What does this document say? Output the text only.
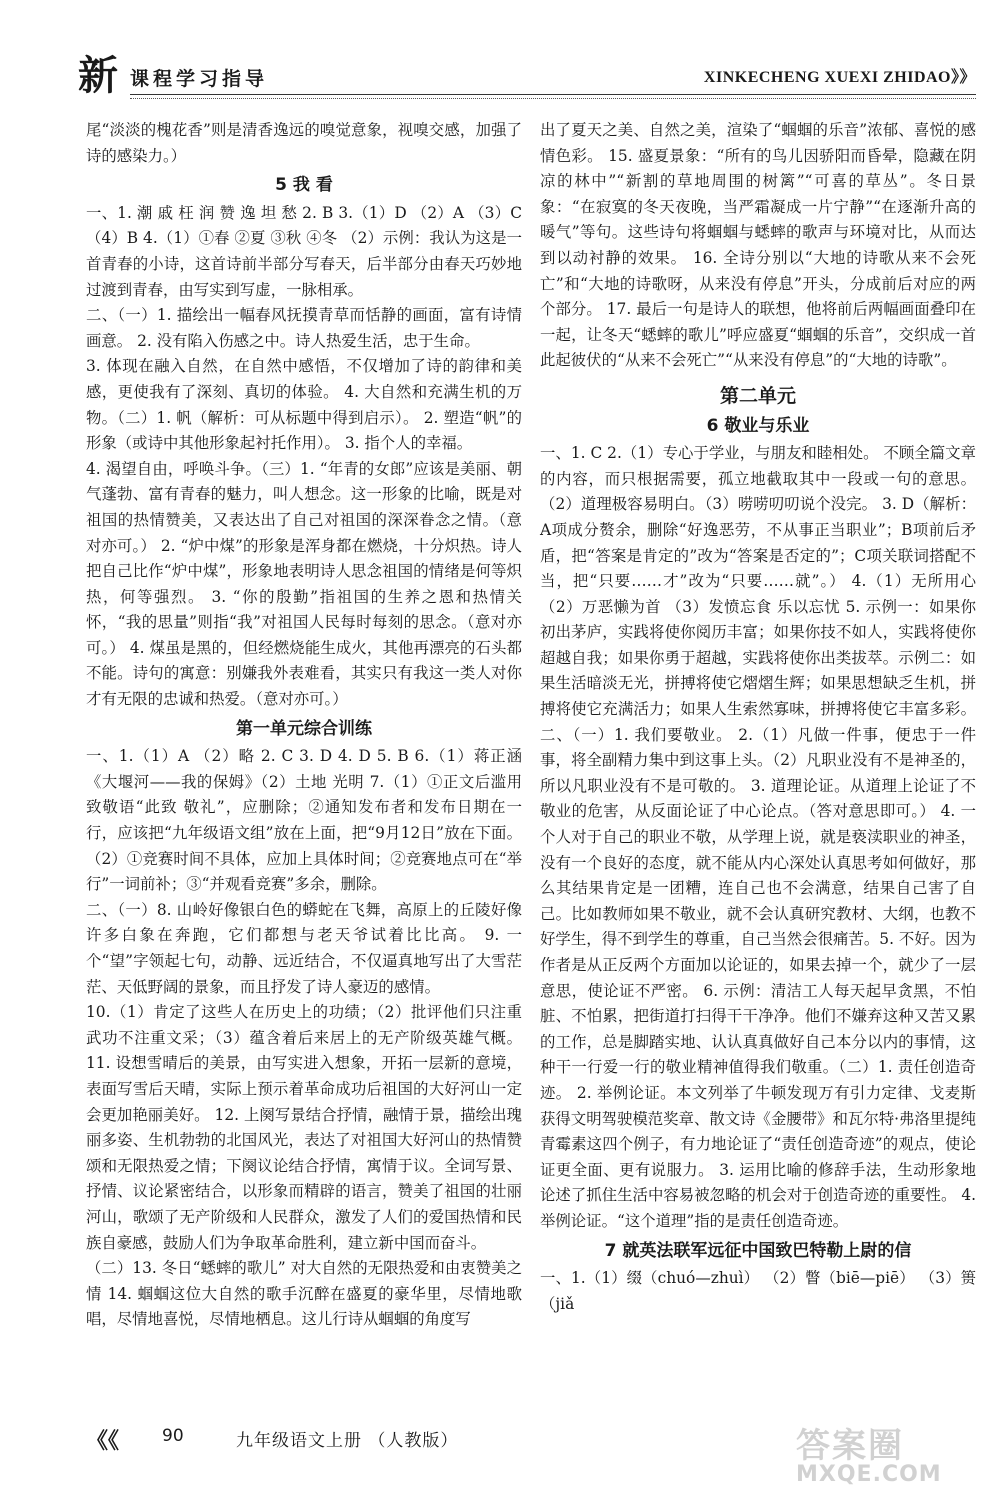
新 课程学习指导	XINKECHENG XUEXI ZHIDAO》》

尾“淡淡的槐花香”则是清香逸远的嗅觉意象，视嗅交感，加强了诗的感染力。）

5 我 看

一、1. 潮 戚 枉 润 赞 逸 坦 愁 2. B 3.（1）D （2）A （3）C （4）B 4.（1）①春 ②夏 ③秋 ④冬 （2）示例：我认为这是一首青春的小诗，这首诗前半部分写春天，后半部分由春天巧妙地过渡到青春，由写实到写虚，一脉相承。

二、（一）1. 描绘出一幅春风抚摸青草而恬静的画面，富有诗情画意。 2. 没有陷入伤感之中。诗人热爱生活，忠于生命。

3. 体现在融入自然，在自然中感悟，不仅增加了诗的韵律和美感，更使我有了深刻、真切的体验。 4. 大自然和充满生机的万物。（二）1. 帆（解析：可从标题中得到启示）。 2. 塑造“帆”的形象（或诗中其他形象起衬托作用）。 3. 指个人的幸福。

4. 渴望自由，呼唤斗争。（三）1. “年青的女郎”应该是美丽、朝气蓬勃、富有青春的魅力，叫人想念。这一形象的比喻，既是对祖国的热情赞美，又表达出了自己对祖国的深深眷念之情。（意对亦可。） 2. “炉中煤”的形象是浑身都在燃烧，十分炽热。诗人把自己比作“炉中煤”，形象地表明诗人思念祖国的情绪是何等炽热，何等强烈。 3. “你的殷勤”指祖国的生养之恩和热情关怀，“我的思量”则指“我”对祖国人民每时每刻的思念。（意对亦可。） 4. 煤虽是黑的，但经燃烧能生成火，其他再漂亮的石头都不能。诗句的寓意：别嫌我外表难看，其实只有我这一类人对你才有无限的忠诚和热爱。（意对亦可。）

第一单元综合训练

一、1.（1）A （2）略 2. C 3. D 4. D 5. B 6.（1）蒋正涵 《大堰河——我的保姆》（2）土地 光明 7.（1）①正文后滥用致敬语“此致 敬礼”，应删除；②通知发布者和发布日期在一行，应该把“九年级语文组”放在上面，把“9月12日”放在下面。（2）①竞赛时间不具体，应加上具体时间；②竞赛地点可在“举行”一词前补；③“并观看竞赛”多余，删除。

二、（一）8. 山岭好像银白色的蟒蛇在飞舞，高原上的丘陵好像许多白象在奔跑，它们都想与老天爷试着比比高。 9. 一个“望”字领起七句，动静、远近结合，不仅逼真地写出了大雪茫茫、天低野阔的景象，而且抒发了诗人豪迈的感情。

10.（1）肯定了这些人在历史上的功绩；（2）批评他们只注重武功不注重文采；（3）蕴含着后来居上的无产阶级英雄气概。 11. 设想雪晴后的美景，由写实进入想象，开拓一层新的意境，表面写雪后天晴，实际上预示着革命成功后祖国的大好河山一定会更加艳丽美好。 12. 上阕写景结合抒情，融情于景，描绘出瑰丽多姿、生机勃勃的北国风光，表达了对祖国大好河山的热情赞颂和无限热爱之情；下阕议论结合抒情，寓情于议。全词写景、抒情、议论紧密结合，以形象而精辟的语言，赞美了祖国的壮丽河山，歌颂了无产阶级和人民群众，激发了人们的爱国热情和民族自豪感，鼓励人们为争取革命胜利，建立新中国而奋斗。

（二）13. 冬日“蟋蟀的歌儿” 对大自然的无限热爱和由衷赞美之情 14. 蝈蝈这位大自然的歌手沉醉在盛夏的豪华里，尽情地歌唱，尽情地喜悦，尽情地栖息。这儿行诗从蝈蝈的角度写

出了夏天之美、自然之美，渲染了“蝈蝈的乐音”浓郁、喜悦的感情色彩。 15. 盛夏景象：“所有的鸟儿因骄阳而昏晕，隐藏在阴凉的林中”“新割的草地周围的树篱”“可喜的草丛”。冬日景象：“在寂寞的冬天夜晚，当严霜凝成一片宁静”“在逐渐升高的暖气”等句。这些诗句将蝈蝈与蟋蟀的歌声与环境对比，从而达到以动衬静的效果。 16. 全诗分别以“大地的诗歌从来不会死亡”和“大地的诗歌呀，从来没有停息”开头，分成前后对应的两个部分。 17. 最后一句是诗人的联想，他将前后两幅画面叠印在一起，让冬天“蟋蟀的歌儿”呼应盛夏“蝈蝈的乐音”，交织成一首此起彼伏的“从来不会死亡”“从来没有停息”的“大地的诗歌”。

第二单元
6 敬业与乐业

一、1. C 2.（1）专心于学业，与朋友和睦相处。 不顾全篇文章的内容，而只根据需要，孤立地截取其中一段或一句的意思。（2）道理极容易明白。（3）唠唠叨叨说个没完。 3. D（解析：A项成分赘余，删除“好逸恶劳，不从事正当职业”；B项前后矛盾，把“答案是肯定的”改为“答案是否定的”；C项关联词搭配不当，把“只要……才”改为“只要……就”。） 4.（1）无所用心 （2）万恶懒为首 （3）发愤忘食 乐以忘忧 5. 示例一：如果你初出茅庐，实践将使你阅历丰富；如果你技不如人，实践将使你超越自我；如果你勇于超越，实践将使你出类拔萃。示例二：如果生活暗淡无光，拼搏将使它熠熠生辉；如果思想缺乏生机，拼搏将使它充满活力；如果人生索然寡味，拼搏将使它丰富多彩。 二、（一）1. 我们要敬业。 2.（1）凡做一件事，便忠于一件事，将全副精力集中到这事上头。（2）凡职业没有不是神圣的，所以凡职业没有不是可敬的。 3. 道理论证。从道理上论证了不敬业的危害，从反面论证了中心论点。（答对意思即可。） 4. 一个人对于自己的职业不敬，从学理上说，就是亵渎职业的神圣，没有一个良好的态度，就不能从内心深处认真思考如何做好，那么其结果肯定是一团糟，连自己也不会满意，结果自己害了自己。比如教师如果不敬业，就不会认真研究教材、大纲，也教不好学生，得不到学生的尊重，自己当然会很痛苦。5. 不好。因为作者是从正反两个方面加以论证的，如果去掉一个，就少了一层意思，使论证不严密。 6. 示例：清洁工人每天起早贪黑，不怕脏、不怕累，把街道打扫得干干净净。他们不嫌弃这种又苦又累的工作，总是脚踏实地、认认真真做好自己本分以内的事情，这种干一行爱一行的敬业精神值得我们敬重。（二）1. 责任创造奇迹。 2. 举例论证。本文列举了牛顿发现万有引力定律、戈麦斯获得文明驾驶模范奖章、散文诗《金腰带》和瓦尔特·弗洛里提纯青霉素这四个例子，有力地论证了“责任创造奇迹”的观点，使论证更全面、更有说服力。 3. 运用比喻的修辞手法，生动形象地论述了抓住生活中容易被忽略的机会对于创造奇迹的重要性。 4. 举例论证。“这个道理”指的是责任创造奇迹。

7 就英法联军远征中国致巴特勒上尉的信

一、1.（1）缀（chuó—zhuì） （2）瞥（biē—piē） （3）篑（jiǎ

《《	90	九年级语文上册 （人教版）	答案圈
MXQE.COM
